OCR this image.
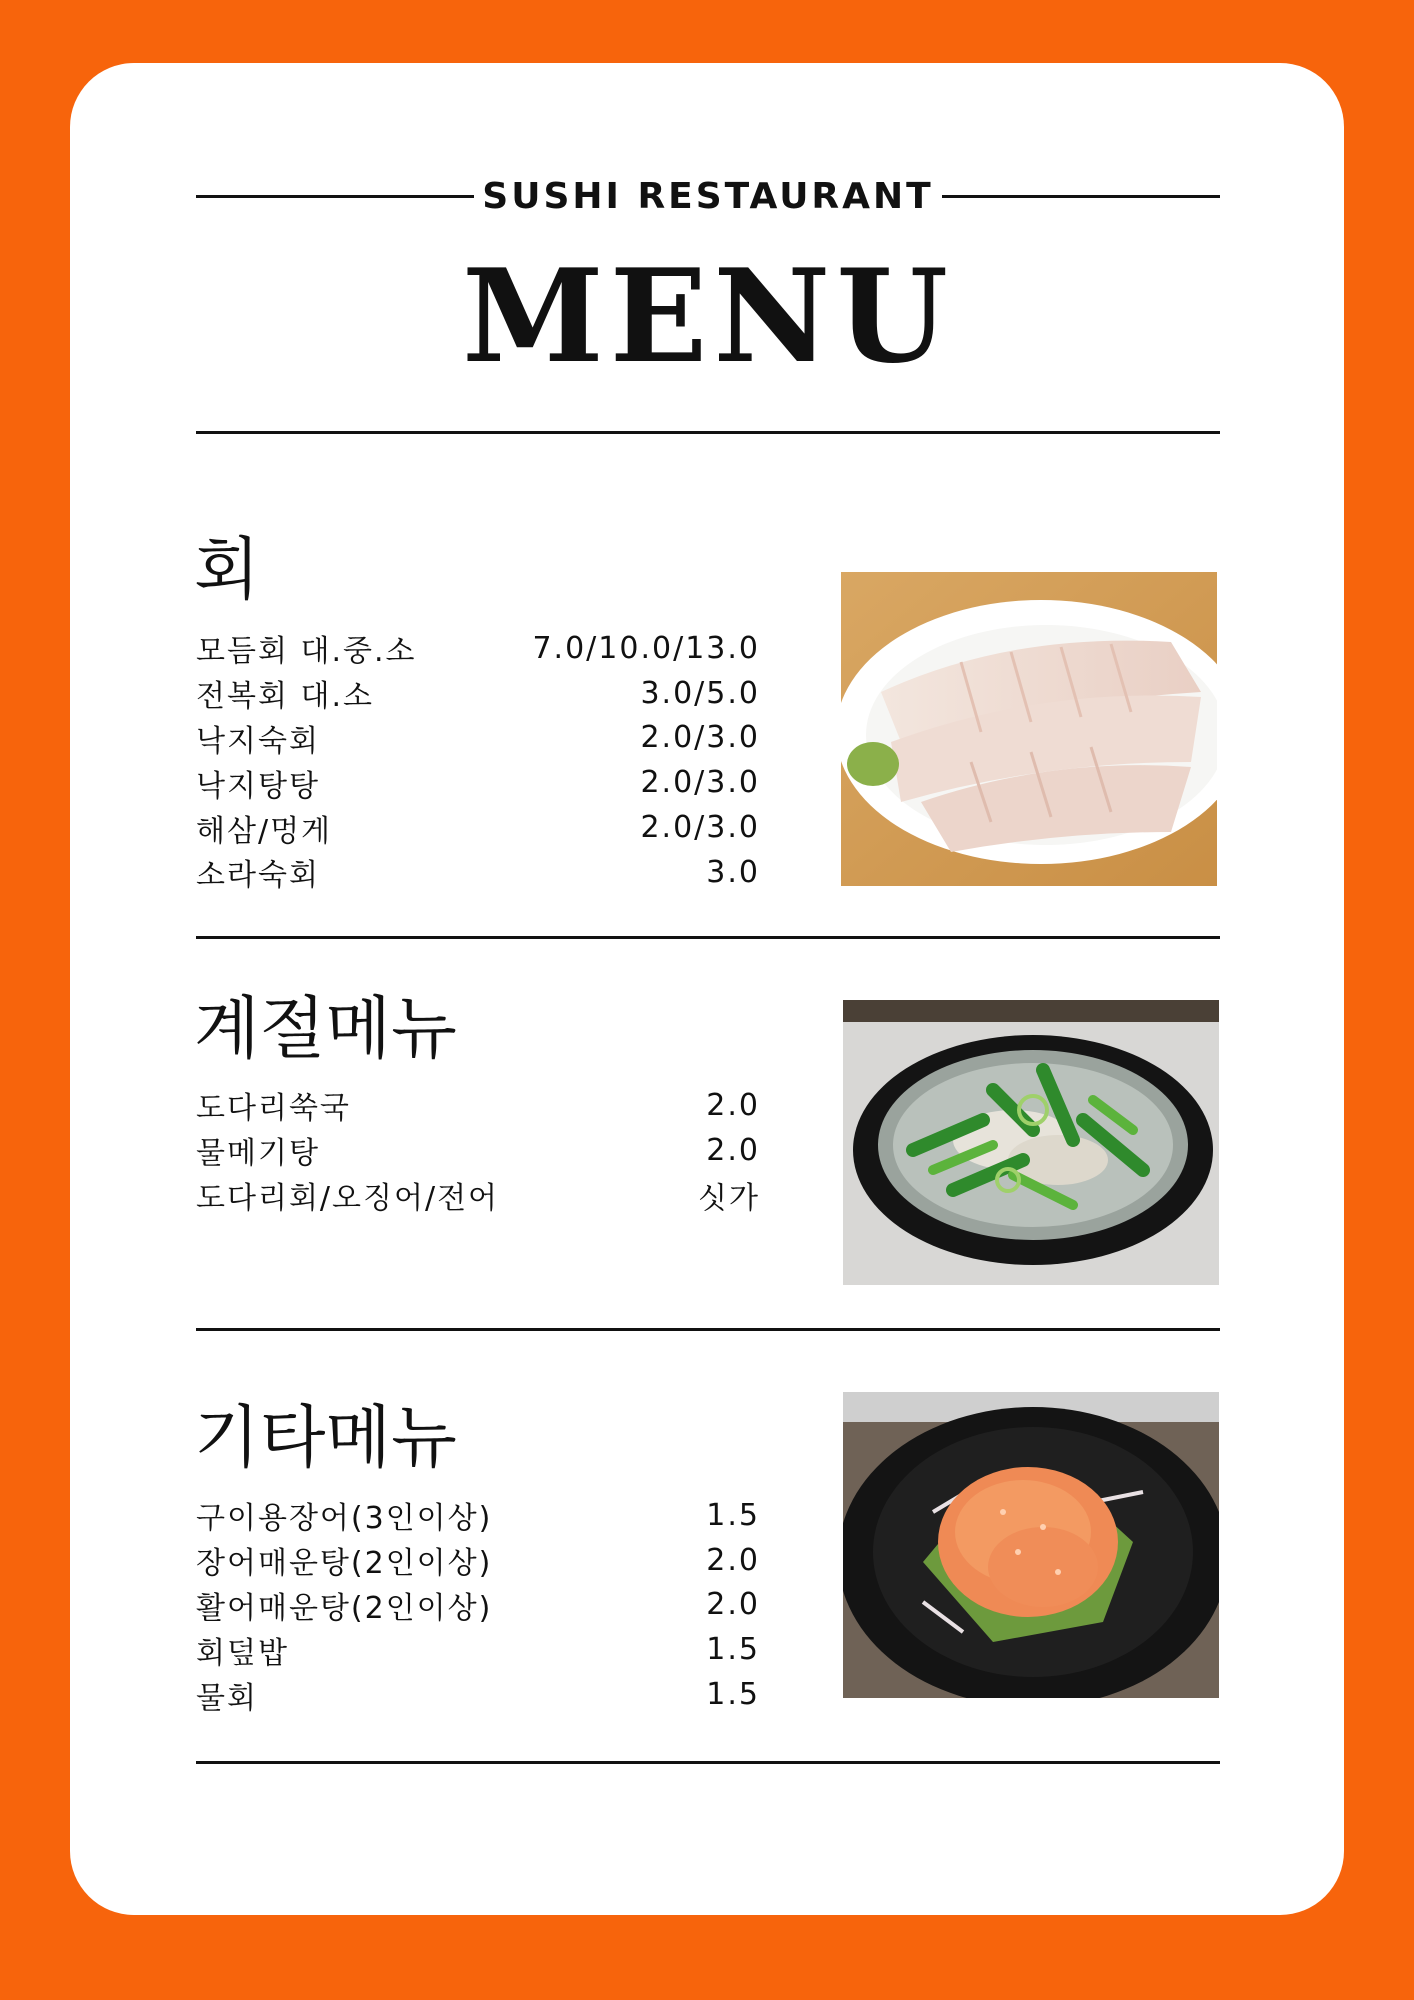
SUSHI RESTAURANT
MENU
회
모듬회 대.중.소	7.0/10.0/13.0
전복회 대.소	3.0/5.0
낙지숙회	2.0/3.0
낙지탕탕	2.0/3.0
해삼/멍게	2.0/3.0
소라숙회	3.0
계절메뉴
도다리쑥국	2.0
물메기탕	2.0
도다리회/오징어/전어	싯가
기타메뉴
구이용장어(3인이상)	1.5
장어매운탕(2인이상)	2.0
활어매운탕(2인이상)	2.0
회덮밥	1.5
물회	1.5
